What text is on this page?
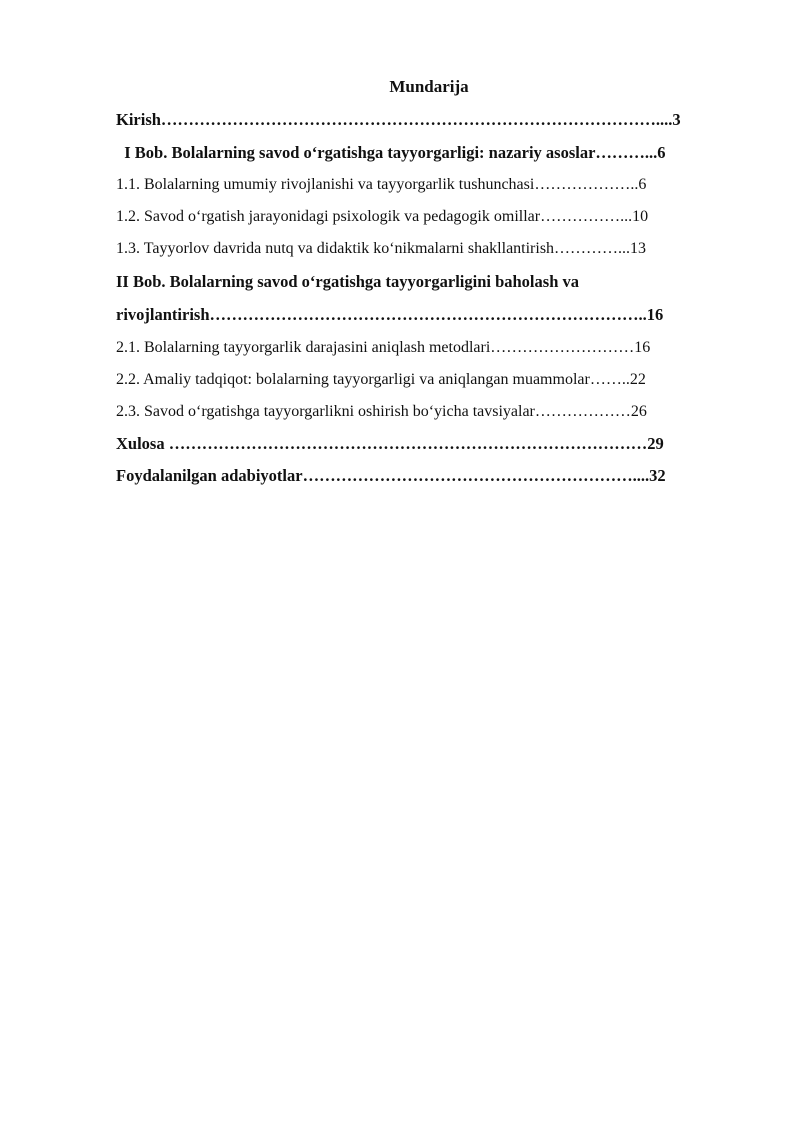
Mundarija
Kirish………………………………………………………………………………....3
I Bob. Bolalarning savod o‘rgatishga tayyorgarligi: nazariy asoslar………...6
1.1. Bolalarning umumiy rivojlanishi va tayyorgarlik tushunchasi………………..6
1.2. Savod o‘rgatish jarayonidagi psixologik va pedagogik omillar……………...10
1.3. Tayyorlov davrida nutq va didaktik ko‘nikmalarni shakllantirish…………...13
II Bob. Bolalarning savod o‘rgatishga tayyorgarligini baholash va
rivojlantirish……………………………………………………………………..16
2.1. Bolalarning tayyorgarlik darajasini aniqlash metodlari………………………16
2.2. Amaliy tadqiqot: bolalarning tayyorgarligi va aniqlangan muammolar……..22
2.3. Savod o‘rgatishga tayyorgarlikni oshirish bo‘yicha tavsiyalar………………26
Xulosa ……………………………………………………………………………29
Foydalanilgan adabiyotlar……………………………………………………....32
